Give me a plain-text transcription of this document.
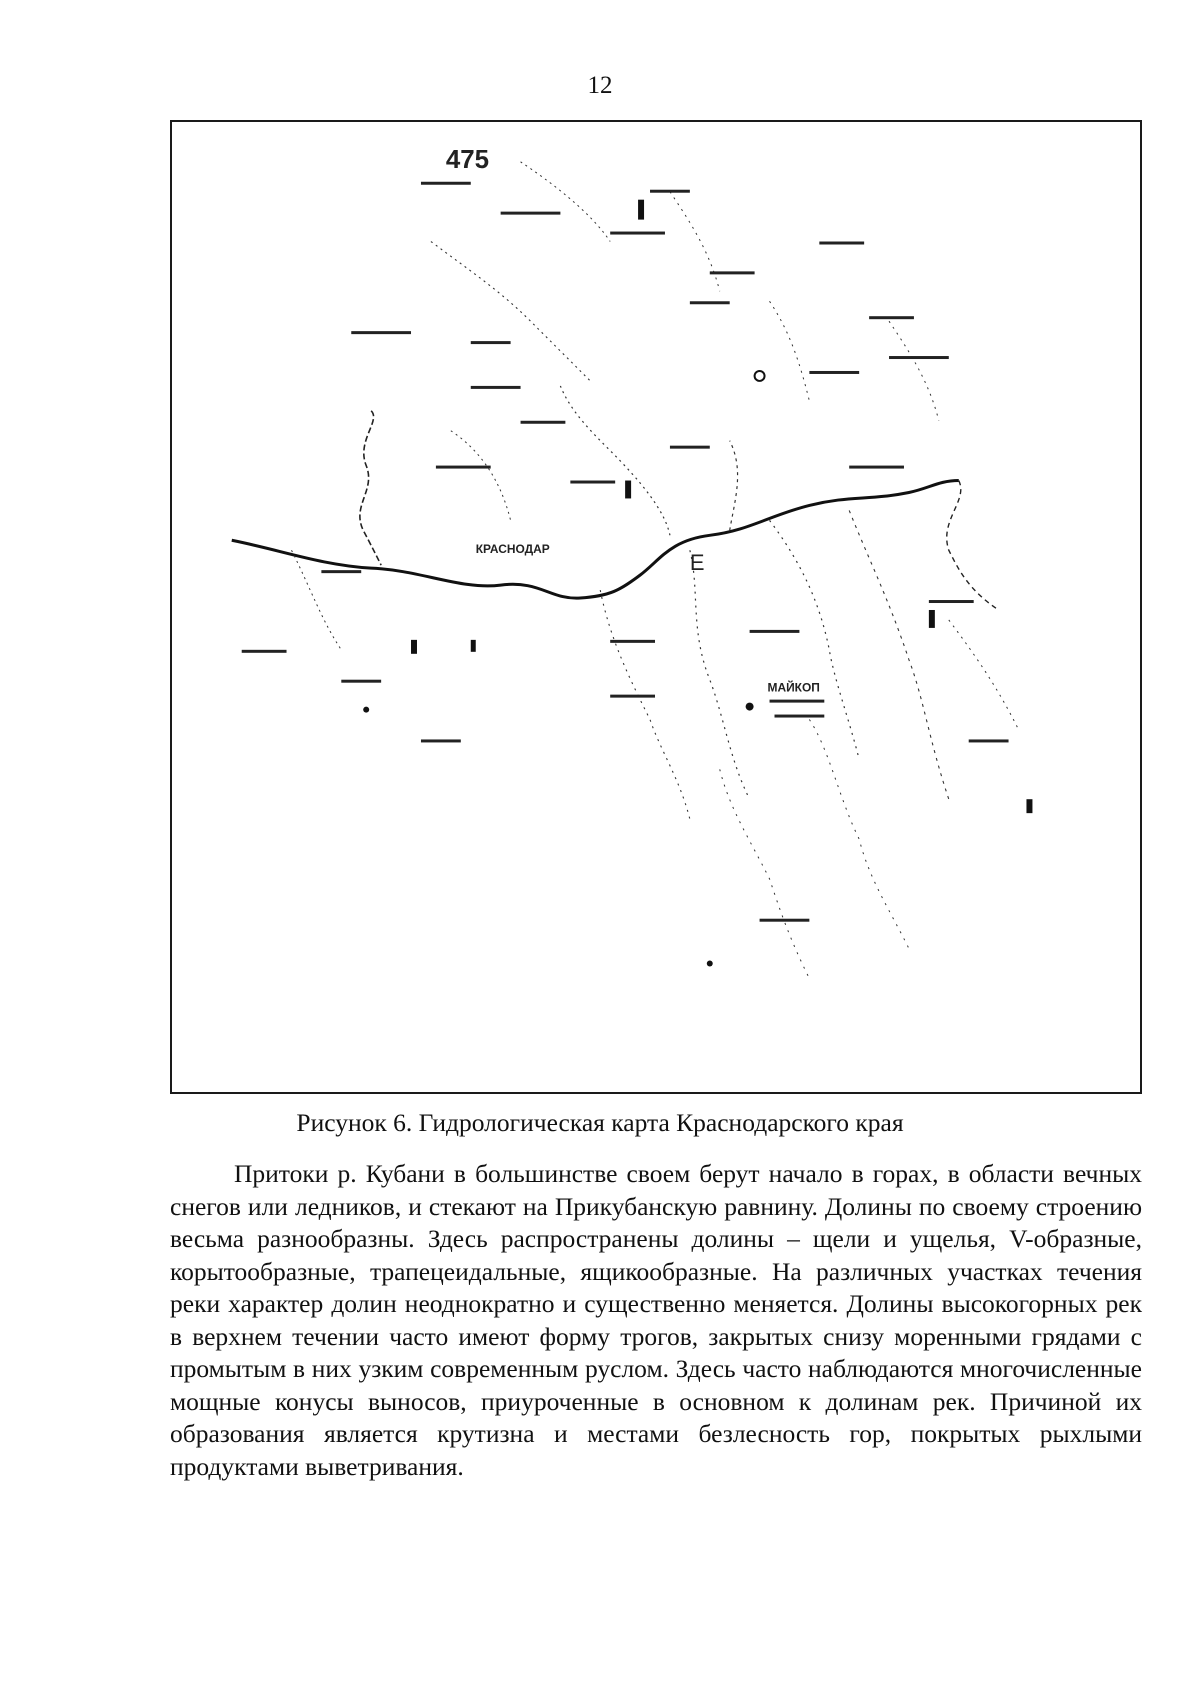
12
475
КРАСНОДАР
МАЙКОП
Е
Рисунок 6. Гидрологическая карта Краснодарского края

Притоки р. Кубани в большинстве своем берут начало в горах, в области вечных снегов или ледников, и стекают на Прикубанскую равнину. Долины по своему строению весьма разнообразны. Здесь распространены долины – щели и ущелья, V-образные, корытообразные, трапецеидальные, ящикообразные. На различных участках течения реки характер долин неоднократно и существенно меняется. Долины высокогорных рек в верхнем течении часто имеют форму трогов, закрытых снизу моренными грядами с промытым в них узким современным руслом. Здесь часто наблюдаются многочисленные мощные конусы выносов, приуроченные в основном к долинам рек. Причиной их образования является крутизна и местами безлесность гор, покрытых рыхлыми продуктами выветривания.
